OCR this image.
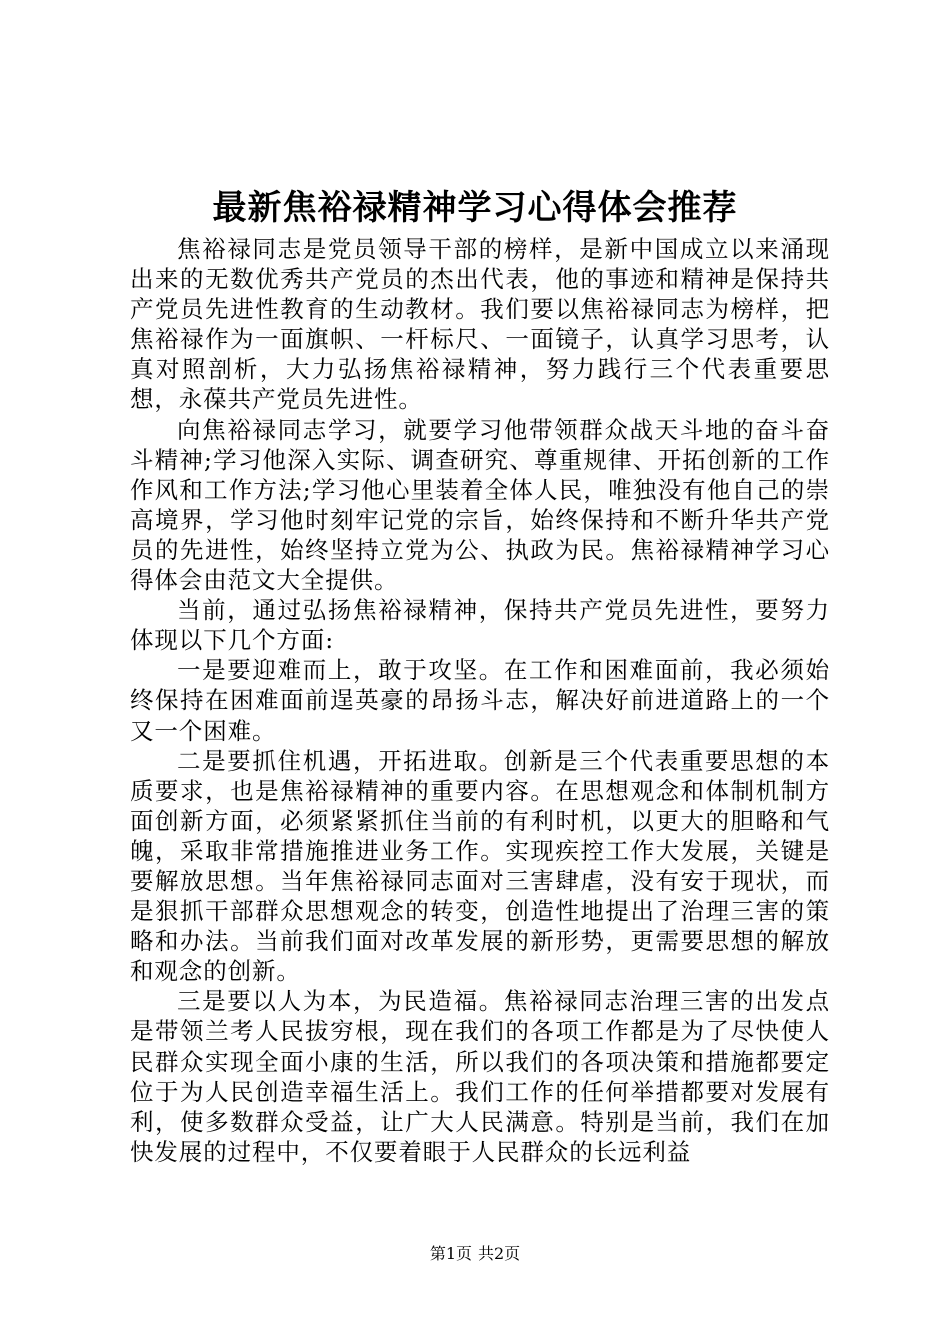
最新焦裕禄精神学习心得体会推荐

焦裕禄同志是党员领导干部的榜样，是新中国成立以来涌现出来的无数优秀共产党员的杰出代表，他的事迹和精神是保持共产党员先进性教育的生动教材。我们要以焦裕禄同志为榜样，把焦裕禄作为一面旗帜、一杆标尺、一面镜子，认真学习思考，认真对照剖析，大力弘扬焦裕禄精神，努力践行三个代表重要思想，永葆共产党员先进性。

向焦裕禄同志学习，就要学习他带领群众战天斗地的奋斗奋斗精神;学习他深入实际、调查研究、尊重规律、开拓创新的工作作风和工作方法;学习他心里装着全体人民，唯独没有他自己的崇高境界，学习他时刻牢记党的宗旨，始终保持和不断升华共产党员的先进性，始终坚持立党为公、执政为民。焦裕禄精神学习心得体会由范文大全提供。

当前，通过弘扬焦裕禄精神，保持共产党员先进性，要努力体现以下几个方面:

一是要迎难而上，敢于攻坚。在工作和困难面前，我必须始终保持在困难面前逞英豪的昂扬斗志，解决好前进道路上的一个又一个困难。

二是要抓住机遇，开拓进取。创新是三个代表重要思想的本质要求，也是焦裕禄精神的重要内容。在思想观念和体制机制方面创新方面，必须紧紧抓住当前的有利时机，以更大的胆略和气魄，采取非常措施推进业务工作。实现疾控工作大发展，关键是要解放思想。当年焦裕禄同志面对三害肆虐，没有安于现状，而是狠抓干部群众思想观念的转变，创造性地提出了治理三害的策略和办法。当前我们面对改革发展的新形势，更需要思想的解放和观念的创新。

三是要以人为本，为民造福。焦裕禄同志治理三害的出发点是带领兰考人民拔穷根，现在我们的各项工作都是为了尽快使人民群众实现全面小康的生活，所以我们的各项决策和措施都要定位于为人民创造幸福生活上。我们工作的任何举措都要对发展有利，使多数群众受益，让广大人民满意。特别是当前，我们在加快发展的过程中，不仅要着眼于人民群众的长远利益

第1页 共2页
